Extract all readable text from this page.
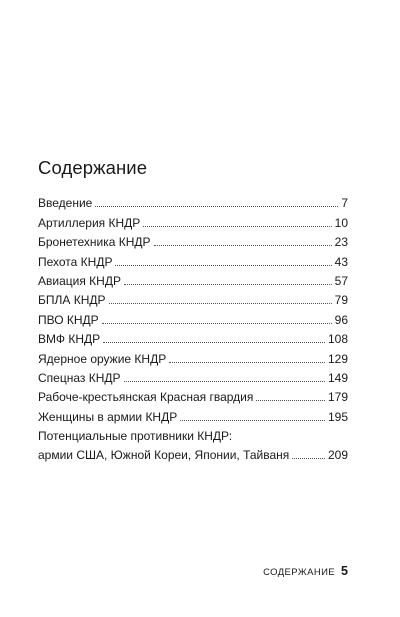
Содержание
Введение	7
Артиллерия КНДР	10
Бронетехника КНДР	23
Пехота КНДР	43
Авиация КНДР	57
БПЛА КНДР	79
ПВО КНДР	96
ВМФ КНДР	108
Ядерное оружие КНДР	129
Спецназ КНДР	149
Рабоче-крестьянская Красная гвардия	179
Женщины в армии КНДР	195
Потенциальные противники КНДР:
армии США, Южной Кореи, Японии, Тайваня	209
СОДЕРЖАНИЕ 5
